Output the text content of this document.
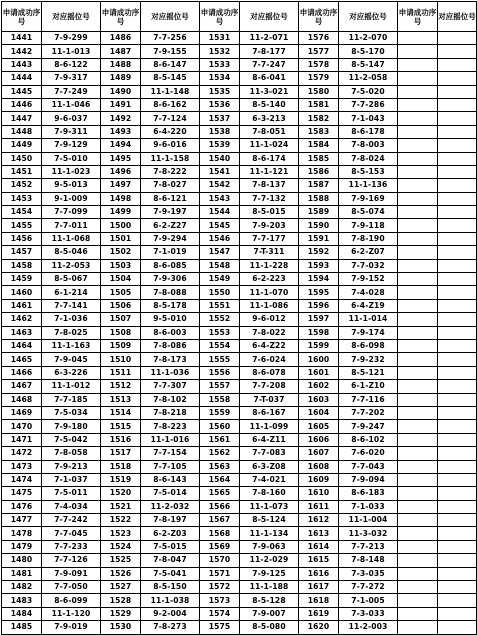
申请成功序号	对应摇位号	申请成功序号	对应摇位号	申请成功序号	对应摇位号	申请成功序号	对应摇位号	申请成功序号	对应摇位号
1441	7-9-299	1486	7-7-256	1531	11-2-071	1576	11-2-070		
1442	11-1-013	1487	7-9-155	1532	7-8-177	1577	8-5-170		
1443	8-6-122	1488	8-6-147	1533	7-7-247	1578	8-5-147		
1444	7-9-317	1489	8-5-145	1534	8-6-041	1579	11-2-058		
1445	7-7-249	1490	11-1-148	1535	11-3-021	1580	7-5-020		
1446	11-1-046	1491	8-6-162	1536	8-5-140	1581	7-7-286		
1447	9-6-037	1492	7-7-124	1537	6-3-213	1582	7-1-043		
1448	7-9-311	1493	6-4-220	1538	7-8-051	1583	8-6-178		
1449	7-9-129	1494	9-6-016	1539	11-1-024	1584	7-8-003		
1450	7-5-010	1495	11-1-158	1540	8-6-174	1585	7-8-024		
1451	11-1-023	1496	7-8-222	1541	11-1-121	1586	8-5-153		
1452	9-5-013	1497	7-8-027	1542	7-8-137	1587	11-1-136		
1453	9-1-009	1498	8-6-121	1543	7-7-132	1588	7-9-169		
1454	7-7-099	1499	7-9-197	1544	8-5-015	1589	8-5-074		
1455	7-7-011	1500	6-2-Z27	1545	7-9-203	1590	7-9-118		
1456	11-1-068	1501	7-9-294	1546	7-7-177	1591	7-8-190		
1457	8-5-046	1502	7-1-019	1547	7-T-311	1592	6-2-Z07		
1458	11-2-053	1503	8-6-085	1548	11-1-228	1593	7-7-032		
1459	8-5-067	1504	7-9-306	1549	6-2-223	1594	7-9-152		
1460	6-1-214	1505	7-8-088	1550	11-1-070	1595	7-4-028		
1461	7-7-141	1506	8-5-178	1551	11-1-086	1596	6-4-Z19		
1462	7-1-036	1507	9-5-010	1552	9-6-012	1597	11-1-014		
1463	7-8-025	1508	8-6-003	1553	7-8-022	1598	7-9-174		
1464	11-1-163	1509	7-8-086	1554	6-4-Z22	1599	8-6-098		
1465	7-9-045	1510	7-8-173	1555	7-6-024	1600	7-9-232		
1466	6-3-226	1511	11-1-036	1556	8-6-078	1601	8-5-121		
1467	11-1-012	1512	7-7-307	1557	7-7-208	1602	6-1-Z10		
1468	7-7-185	1513	7-8-102	1558	7-T-037	1603	7-7-116		
1469	7-5-034	1514	7-8-218	1559	8-6-167	1604	7-7-202		
1470	7-9-180	1515	7-8-223	1560	11-1-099	1605	7-9-247		
1471	7-5-042	1516	11-1-016	1561	6-4-Z11	1606	8-6-102		
1472	7-8-058	1517	7-7-154	1562	7-7-083	1607	7-6-020		
1473	7-9-213	1518	7-7-105	1563	6-3-Z08	1608	7-7-043		
1474	7-1-037	1519	8-6-143	1564	7-4-021	1609	7-9-094		
1475	7-5-011	1520	7-5-014	1565	7-8-160	1610	8-6-183		
1476	7-4-034	1521	11-2-032	1566	11-1-073	1611	7-1-033		
1477	7-7-242	1522	7-8-197	1567	8-5-124	1612	11-1-004		
1478	7-7-045	1523	6-2-Z03	1568	11-1-134	1613	11-3-032		
1479	7-7-233	1524	7-5-015	1569	7-9-063	1614	7-7-213		
1480	7-7-126	1525	7-8-047	1570	11-2-029	1615	7-8-148		
1481	7-9-091	1526	7-5-041	1571	7-9-125	1616	7-3-035		
1482	7-7-050	1527	8-5-150	1572	11-1-188	1617	7-7-272		
1483	8-6-099	1528	11-1-038	1573	8-5-128	1618	7-1-005		
1484	11-1-120	1529	9-2-004	1574	7-9-007	1619	7-3-033		
1485	7-9-019	1530	7-8-273	1575	8-5-080	1620	11-2-003		
